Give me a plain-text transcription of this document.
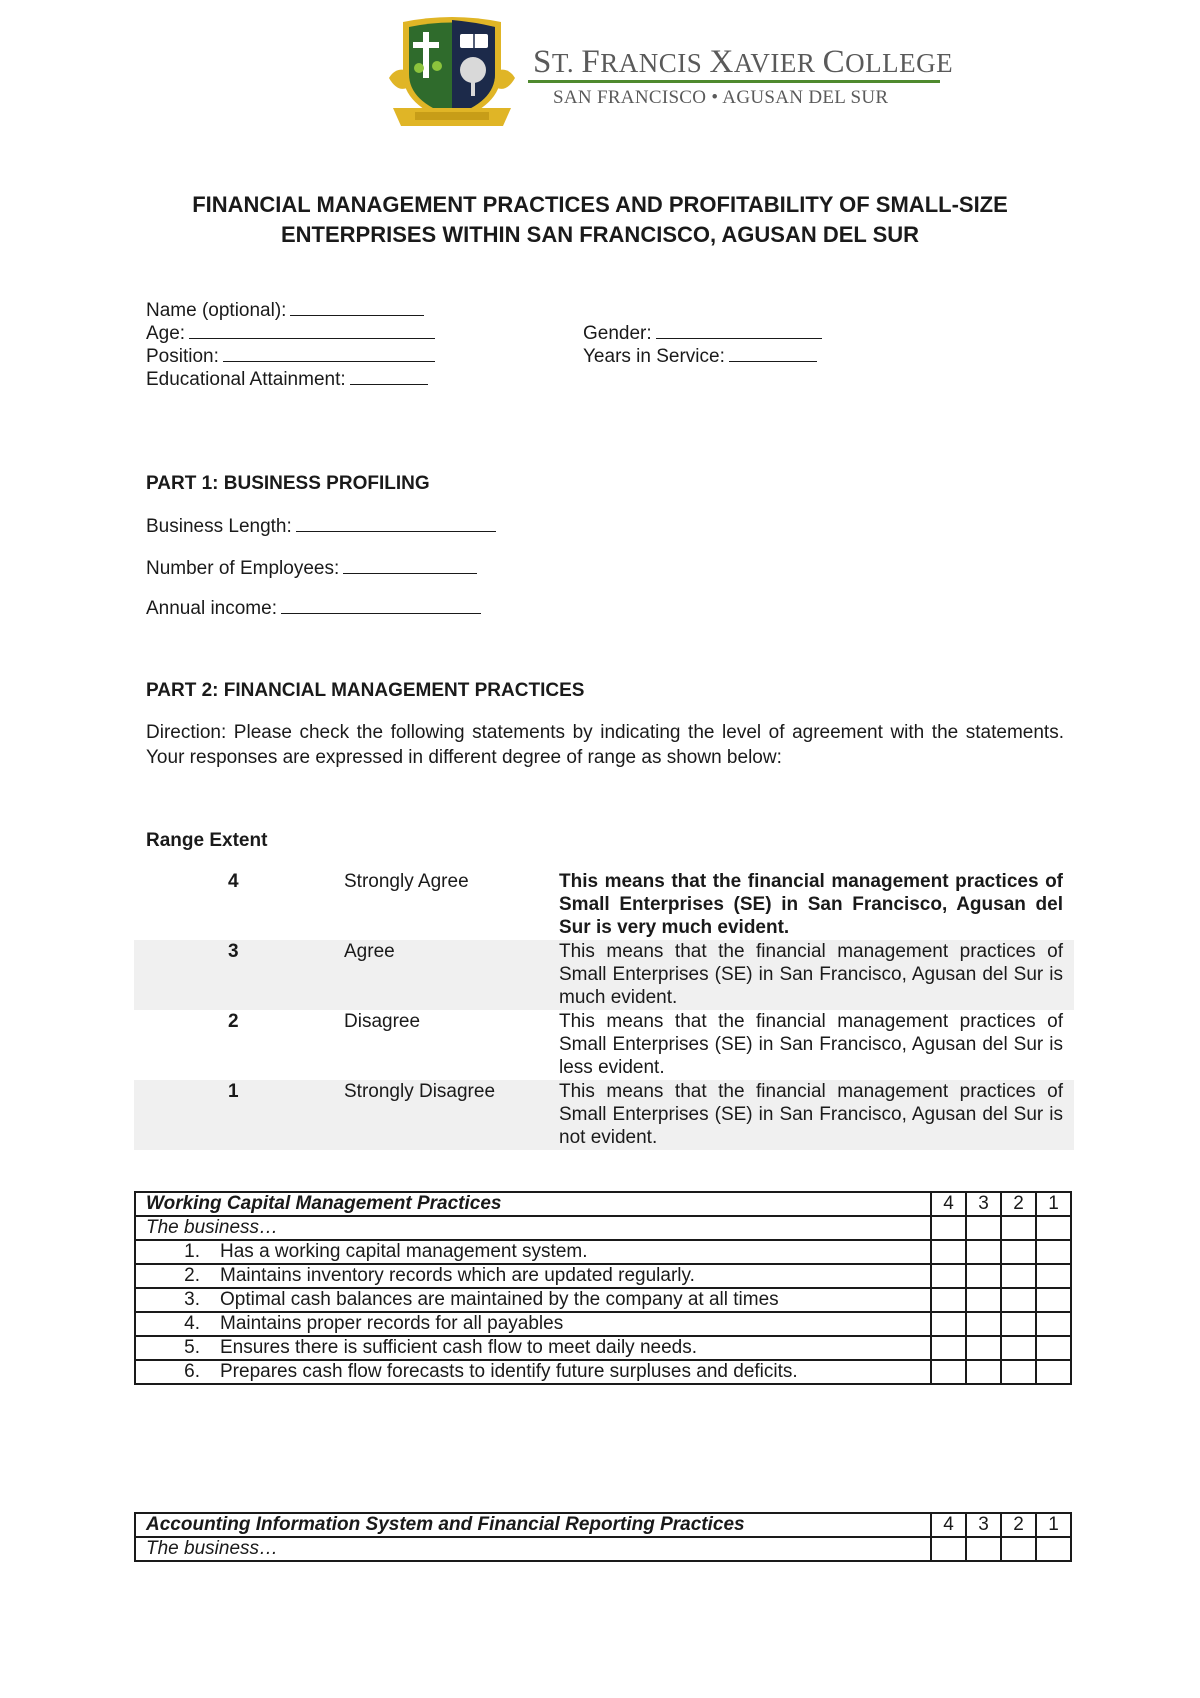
ST. FRANCIS XAVIER COLLEGE
SAN FRANCISCO • AGUSAN DEL SUR
FINANCIAL MANAGEMENT PRACTICES AND PROFITABILITY OF SMALL-SIZE
ENTERPRISES WITHIN SAN FRANCISCO, AGUSAN DEL SUR
Name (optional):
Age:	Gender:
Position:	Years in Service:
Educational Attainment:
PART 1: BUSINESS PROFILING
Business Length:
Number of Employees:
Annual income:
PART 2: FINANCIAL MANAGEMENT PRACTICES
Direction: Please check the following statements by indicating the level of agreement with the statements. Your responses are expressed in different degree of range as shown below:
Range Extent
4	Strongly Agree	This means that the financial management practices of Small Enterprises (SE) in San Francisco, Agusan del Sur is very much evident.
3	Agree	This means that the financial management practices of Small Enterprises (SE) in San Francisco, Agusan del Sur is much evident.
2	Disagree	This means that the financial management practices of Small Enterprises (SE) in San Francisco, Agusan del Sur is less evident.
1	Strongly Disagree	This means that the financial management practices of Small Enterprises (SE) in San Francisco, Agusan del Sur is not evident.
Working Capital Management Practices	4	3	2	1
The business…				
1. Has a working capital management system.				
2. Maintains inventory records which are updated regularly.				
3. Optimal cash balances are maintained by the company at all times				
4. Maintains proper records for all payables				
5. Ensures there is sufficient cash flow to meet daily needs.				
6. Prepares cash flow forecasts to identify future surpluses and deficits.				
Accounting Information System and Financial Reporting Practices	4	3	2	1
The business…				
